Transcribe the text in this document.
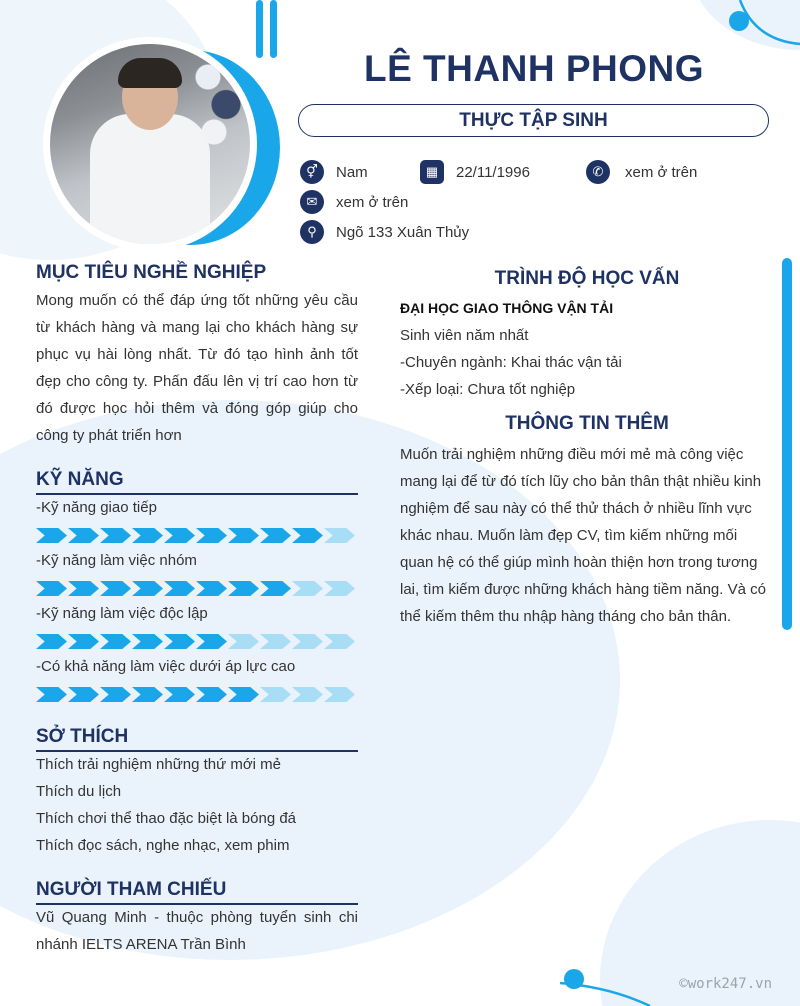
LÊ THANH PHONG
THỰC TẬP SINH
⚥	Nam	▦	22/11/1996	✆	xem ở trên
✉	xem ở trên
⚲	Ngõ 133 Xuân Thủy
MỤC TIÊU NGHỀ NGHIỆP
Mong muốn có thể đáp ứng tốt những yêu cầu từ khách hàng và mang lại cho khách hàng sự phục vụ hài lòng nhất. Từ đó tạo hình ảnh tốt đẹp cho công ty. Phấn đấu lên vị trí cao hơn từ đó được học hỏi thêm và đóng góp giúp cho công ty phát triển hơn
KỸ NĂNG
-Kỹ năng giao tiếp
-Kỹ năng làm việc nhóm
-Kỹ năng làm việc độc lập
-Có khả năng làm việc dưới áp lực cao
SỞ THÍCH
Thích trải nghiệm những thứ mới mẻ
Thích du lịch
Thích chơi thể thao đặc biệt là bóng đá
Thích đọc sách, nghe nhạc, xem phim
NGƯỜI THAM CHIẾU
Vũ Quang Minh - thuộc phòng tuyển sinh chi nhánh IELTS ARENA Trần Bình
TRÌNH ĐỘ HỌC VẤN
ĐẠI HỌC GIAO THÔNG VẬN TẢI
Sinh viên năm nhất
-Chuyên ngành: Khai thác vận tải
-Xếp loại: Chưa tốt nghiệp
THÔNG TIN THÊM
Muốn trải nghiệm những điều mới mẻ mà công việc mang lại để từ đó tích lũy cho bản thân thật nhiều kinh nghiệm để sau này có thể thử thách ở nhiều lĩnh vực khác nhau. Muốn làm đẹp CV, tìm kiếm những mối quan hệ có thể giúp mình hoàn thiện hơn trong tương lai, tìm kiếm được những khách hàng tiềm năng. Và có thể kiếm thêm thu nhập hàng tháng cho bản thân.
©work247.vn
